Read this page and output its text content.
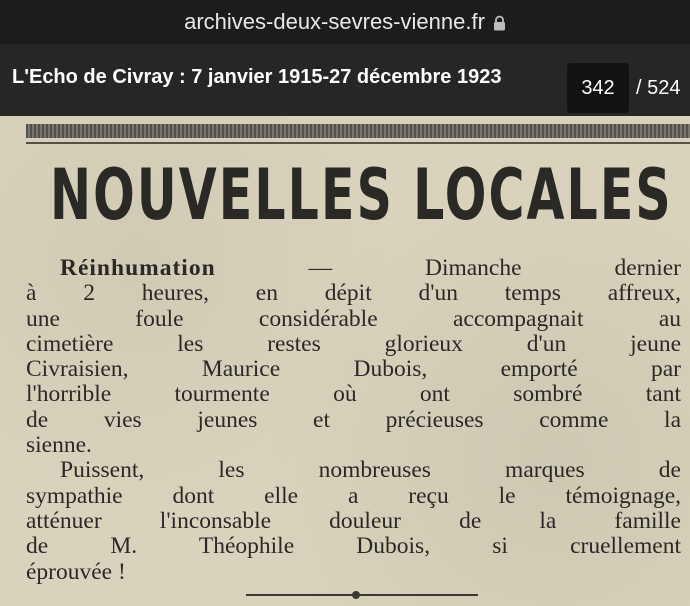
archives-deux-sevres-vienne.fr
L'Echo de Civray : 7 janvier 1915-27 décembre 1923	342	/ 524
NOUVELLES LOCALES
Réinhumation	— Dimanche dernier
à 2 heures, en dépit d'un temps affreux,
une foule considérable accompagnait au
cimetière les restes glorieux d'un jeune
Civraisien, Maurice Dubois, emporté par
l'horrible tourmente où ont sombré tant
de vies jeunes et précieuses comme la
sienne.
Puissent, les nombreuses marques de
sympathie dont elle a reçu le témoignage,
atténuer l'inconsable douleur de la famille
de M. Théophile Dubois, si cruellement
éprouvée !
